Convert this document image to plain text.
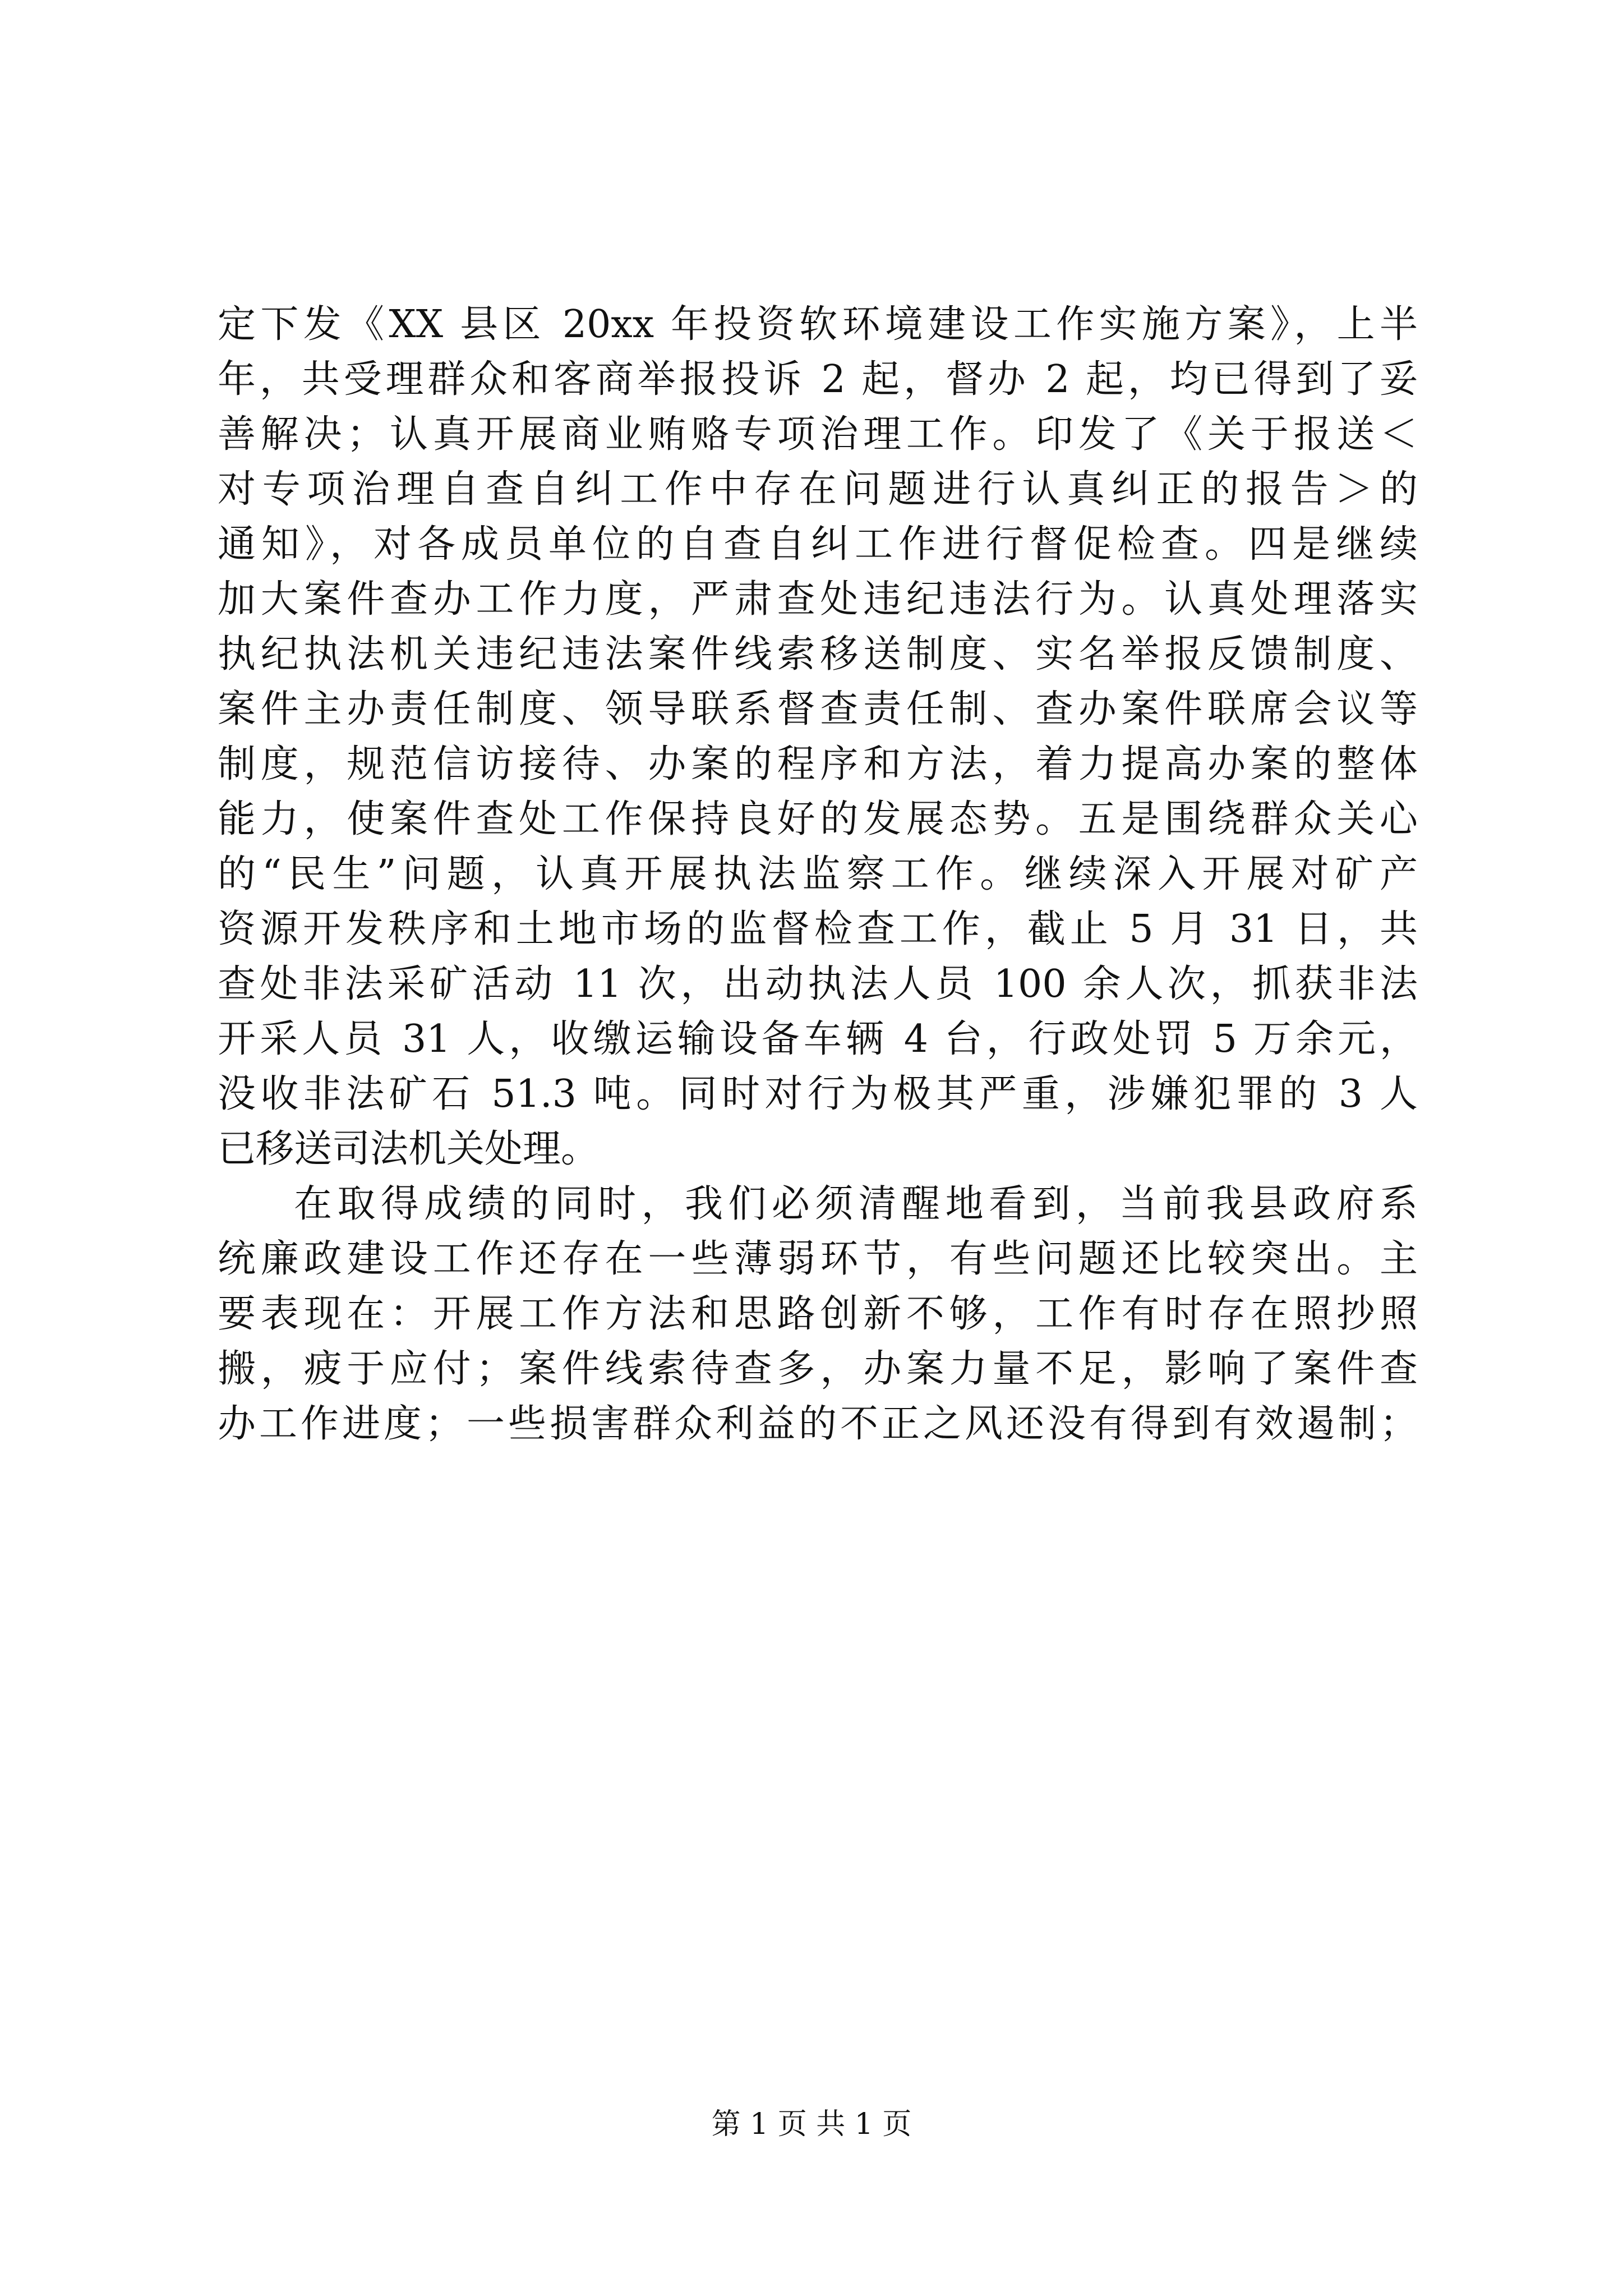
定下发《XX 县区 20xx 年投资软环境建设工作实施方案》，上半
年，共受理群众和客商举报投诉 2 起，督办 2 起，均已得到了妥
善解决；认真开展商业贿赂专项治理工作。印发了《关于报送＜
对专项治理自查自纠工作中存在问题进行认真纠正的报告＞的
通知》，对各成员单位的自查自纠工作进行督促检查。四是继续
加大案件查办工作力度，严肃查处违纪违法行为。认真处理落实
执纪执法机关违纪违法案件线索移送制度、实名举报反馈制度、
案件主办责任制度、领导联系督查责任制、查办案件联席会议等
制度，规范信访接待、办案的程序和方法，着力提高办案的整体
能力，使案件查处工作保持良好的发展态势。五是围绕群众关心
的“民生”问题，认真开展执法监察工作。继续深入开展对矿产
资源开发秩序和土地市场的监督检查工作，截止 5 月 31 日，共
查处非法采矿活动 11 次，出动执法人员 100 余人次，抓获非法
开采人员 31 人，收缴运输设备车辆 4 台，行政处罚 5 万余元，
没收非法矿石 51.3 吨。同时对行为极其严重，涉嫌犯罪的 3 人
已移送司法机关处理。
在取得成绩的同时，我们必须清醒地看到，当前我县政府系
统廉政建设工作还存在一些薄弱环节，有些问题还比较突出。主
要表现在：开展工作方法和思路创新不够，工作有时存在照抄照
搬，疲于应付；案件线索待查多，办案力量不足，影响了案件查
办工作进度；一些损害群众利益的不正之风还没有得到有效遏制；
第 1 页 共 1 页
